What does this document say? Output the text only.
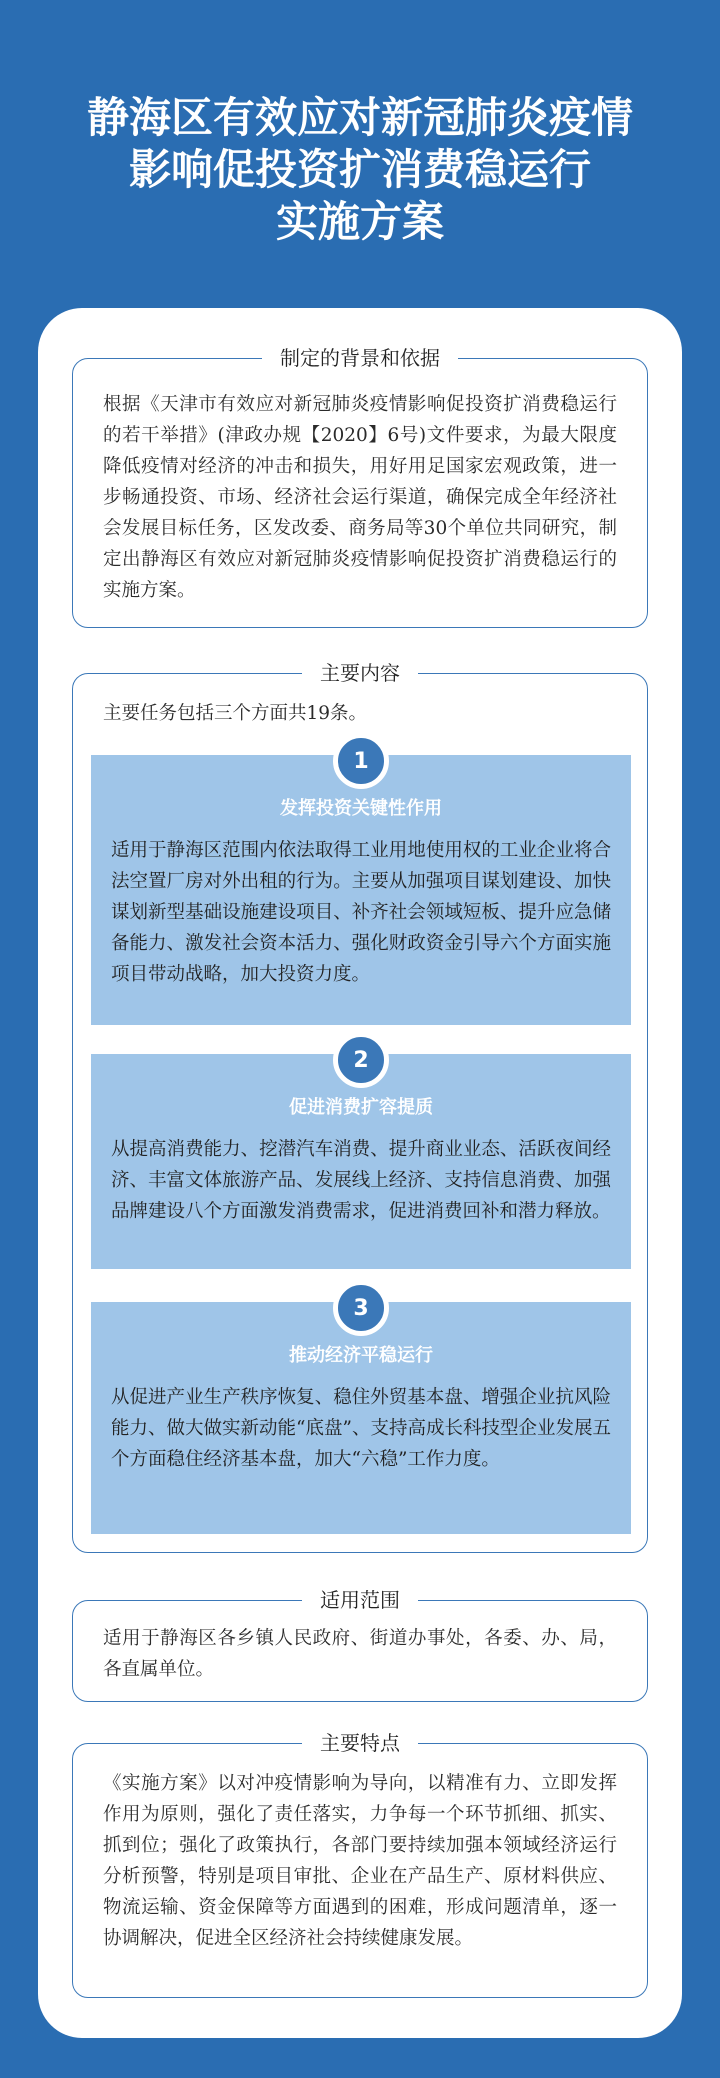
静海区有效应对新冠肺炎疫情
影响促投资扩消费稳运行
实施方案
制定的背景和依据

根据《天津市有效应对新冠肺炎疫情影响促投资扩消费稳运行的若干举措》(津政办规【2020】6号)文件要求，为最大限度降低疫情对经济的冲击和损失，用好用足国家宏观政策，进一步畅通投资、市场、经济社会运行渠道，确保完成全年经济社会发展目标任务，区发改委、商务局等30个单位共同研究，制定出静海区有效应对新冠肺炎疫情影响促投资扩消费稳运行的实施方案。

主要内容

主要任务包括三个方面共19条。

1
发挥投资关键性作用

适用于静海区范围内依法取得工业用地使用权的工业企业将合法空置厂房对外出租的行为。主要从加强项目谋划建设、加快谋划新型基础设施建设项目、补齐社会领域短板、提升应急储备能力、激发社会资本活力、强化财政资金引导六个方面实施项目带动战略，加大投资力度。

2
促进消费扩容提质

从提高消费能力、挖潜汽车消费、提升商业业态、活跃夜间经济、丰富文体旅游产品、发展线上经济、支持信息消费、加强品牌建设八个方面激发消费需求，促进消费回补和潜力释放。

3
推动经济平稳运行

从促进产业生产秩序恢复、稳住外贸基本盘、增强企业抗风险能力、做大做实新动能“底盘”、支持高成长科技型企业发展五个方面稳住经济基本盘，加大“六稳”工作力度。

适用范围

适用于静海区各乡镇人民政府、街道办事处，各委、办、局，各直属单位。

主要特点

《实施方案》以对冲疫情影响为导向，以精准有力、立即发挥作用为原则，强化了责任落实，力争每一个环节抓细、抓实、抓到位；强化了政策执行，各部门要持续加强本领域经济运行分析预警，特别是项目审批、企业在产品生产、原材料供应、物流运输、资金保障等方面遇到的困难，形成问题清单，逐一协调解决，促进全区经济社会持续健康发展。
